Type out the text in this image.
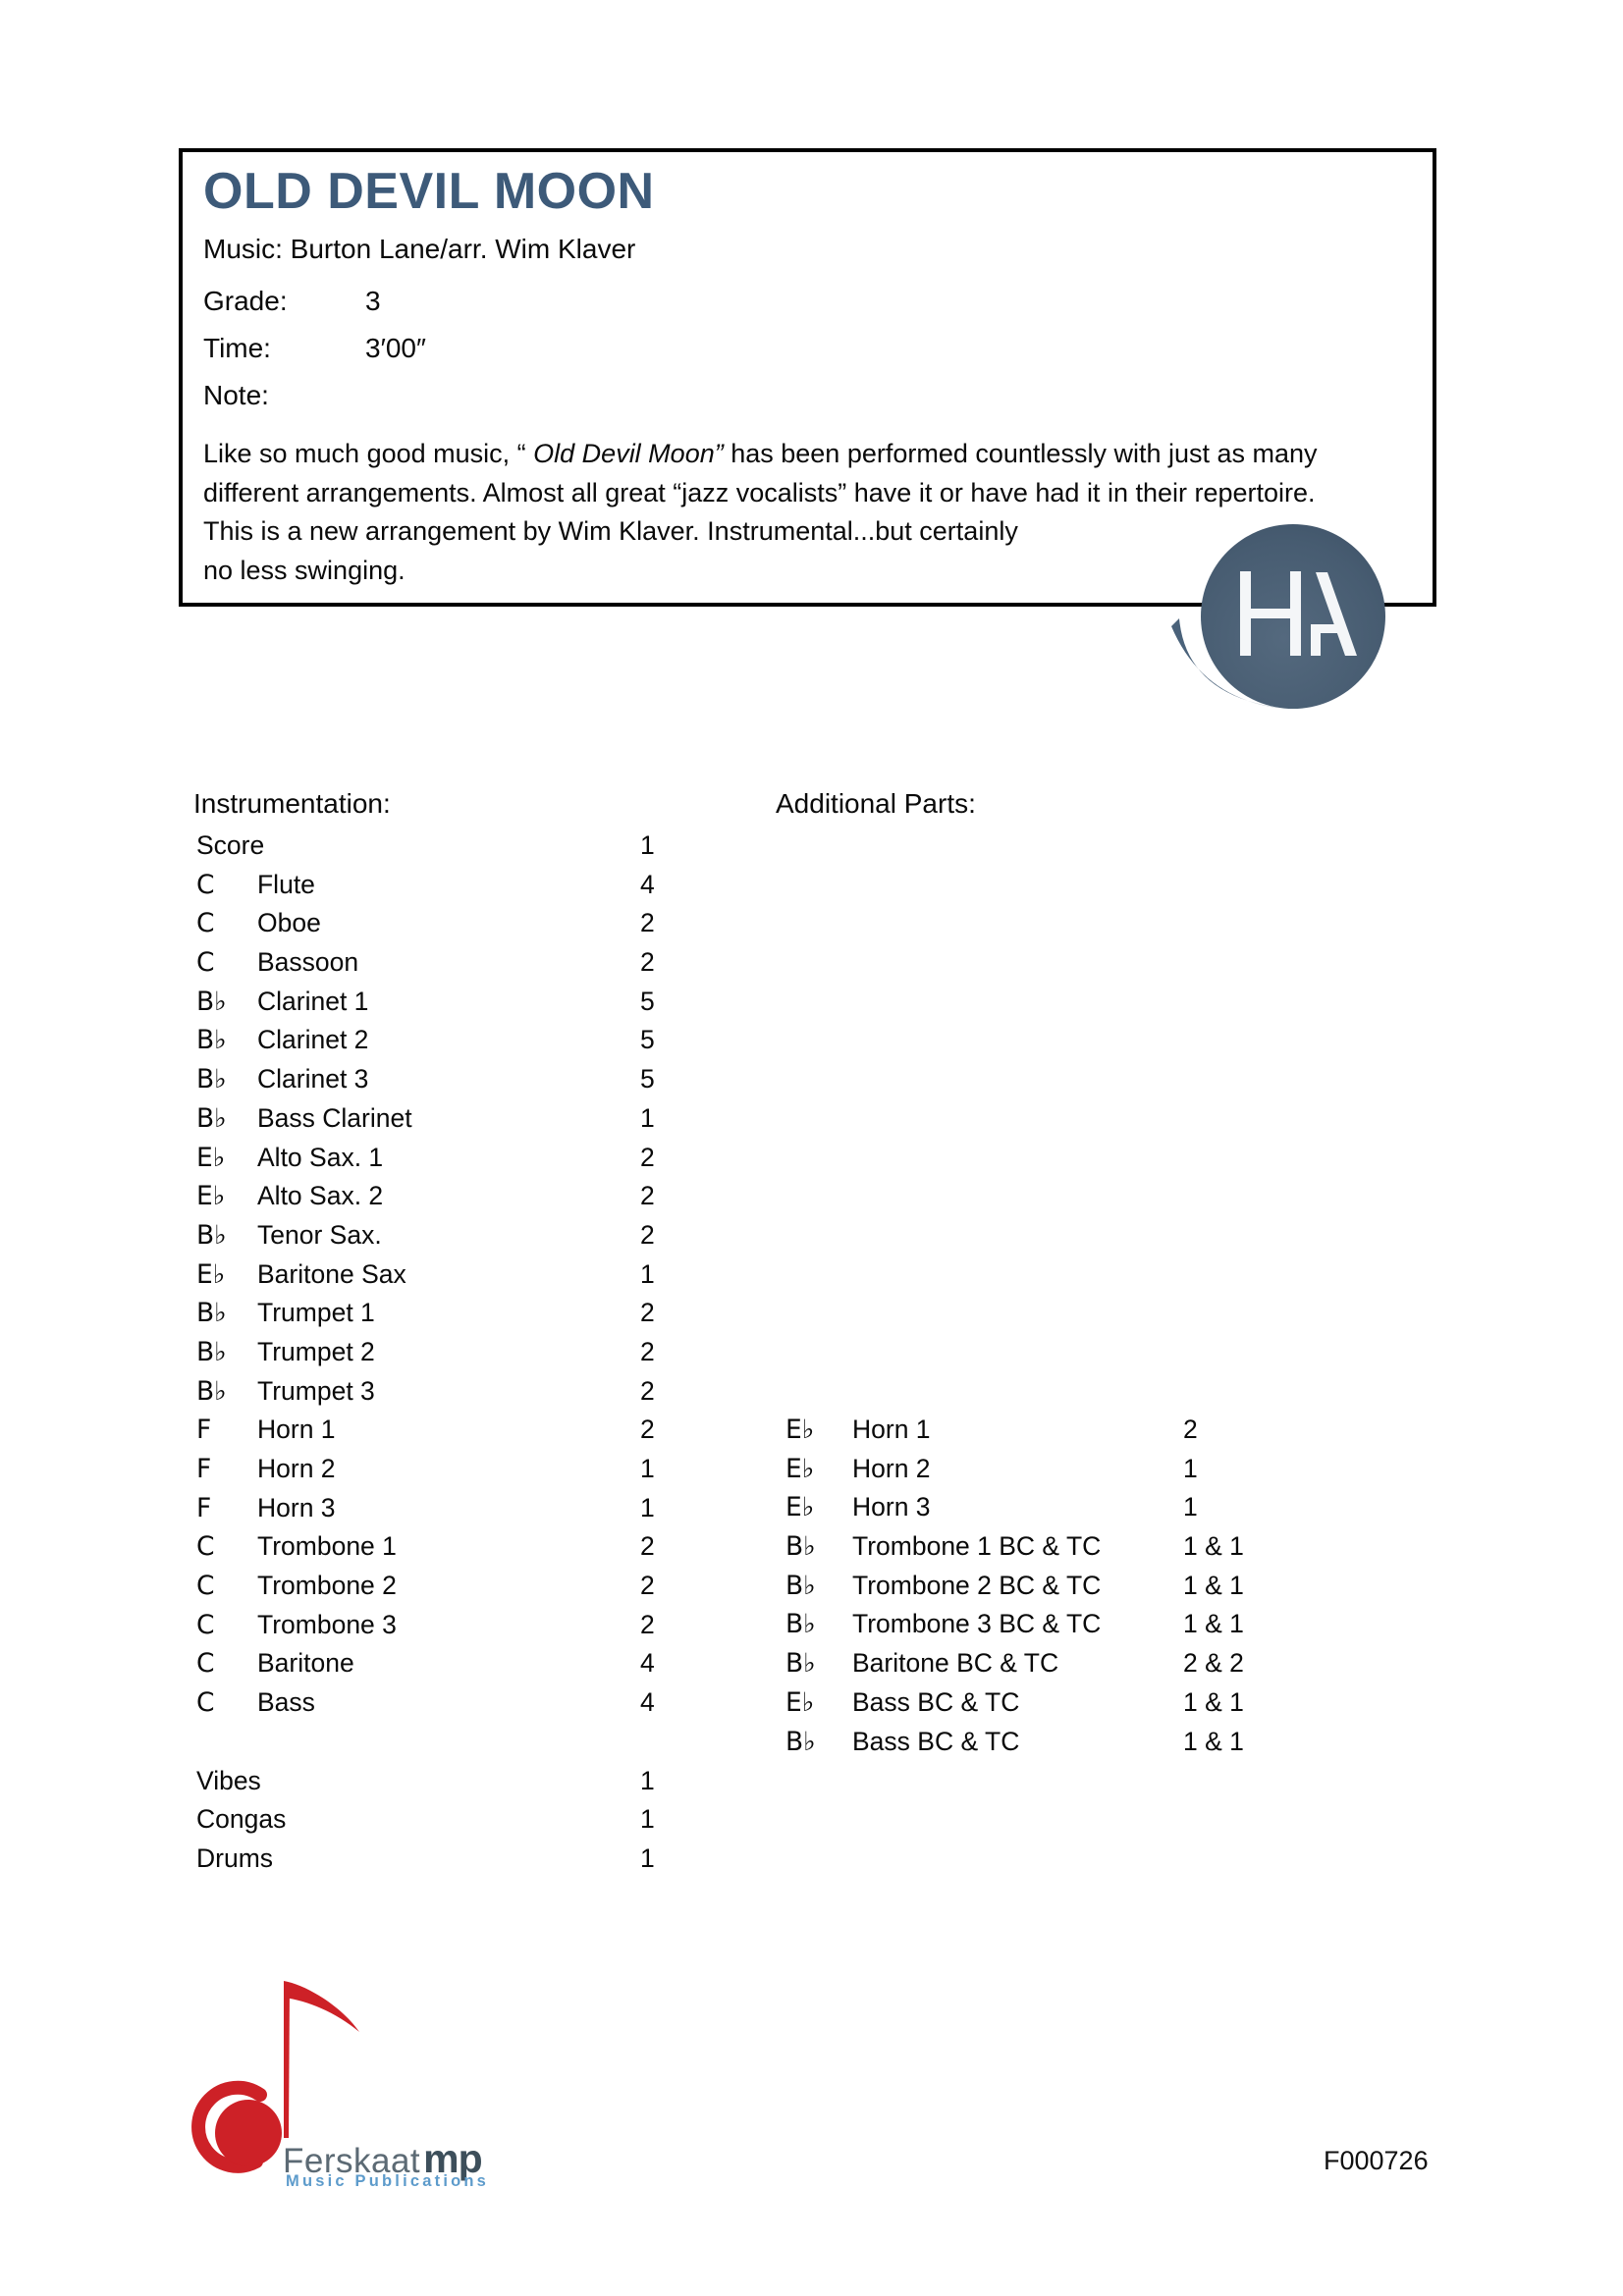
OLD DEVIL MOON
Music: Burton Lane/arr. Wim Klaver
Grade:	3
Time:	3′00″
Note:
Like so much good music, “ Old Devil Moon” has been performed countlessly with just as many
different arrangements. Almost all great “jazz vocalists” have it or have had it in their repertoire.
This is a new arrangement by Wim Klaver. Instrumental...but certainly
no less swinging.
Instrumentation:	Additional Parts:
Score	1
C Flute	4
C Oboe	2
C Bassoon	2
B♭ Clarinet 1	5
B♭ Clarinet 2	5
B♭ Clarinet 3	5
B♭ Bass Clarinet	1
E♭ Alto Sax. 1	2
E♭ Alto Sax. 2	2
B♭ Tenor Sax.	2
E♭ Baritone Sax	1
B♭ Trumpet 1	2
B♭ Trumpet 2	2
B♭ Trumpet 3	2
F Horn 1	2
F Horn 2	1
F Horn 3	1
C Trombone 1	2
C Trombone 2	2
C Trombone 3	2
C Baritone	4
C Bass	4
Vibes	1
Congas	1
Drums	1
E♭ Horn 1	2
E♭ Horn 2	1
E♭ Horn 3	1
B♭ Trombone 1 BC & TC	1 & 1
B♭ Trombone 2 BC & TC	1 & 1
B♭ Trombone 3 BC & TC	1 & 1
B♭ Baritone BC & TC	2 & 2
E♭ Bass BC & TC	1 & 1
B♭ Bass BC & TC	1 & 1
Ferskaat mp
Music Publications
F000726
